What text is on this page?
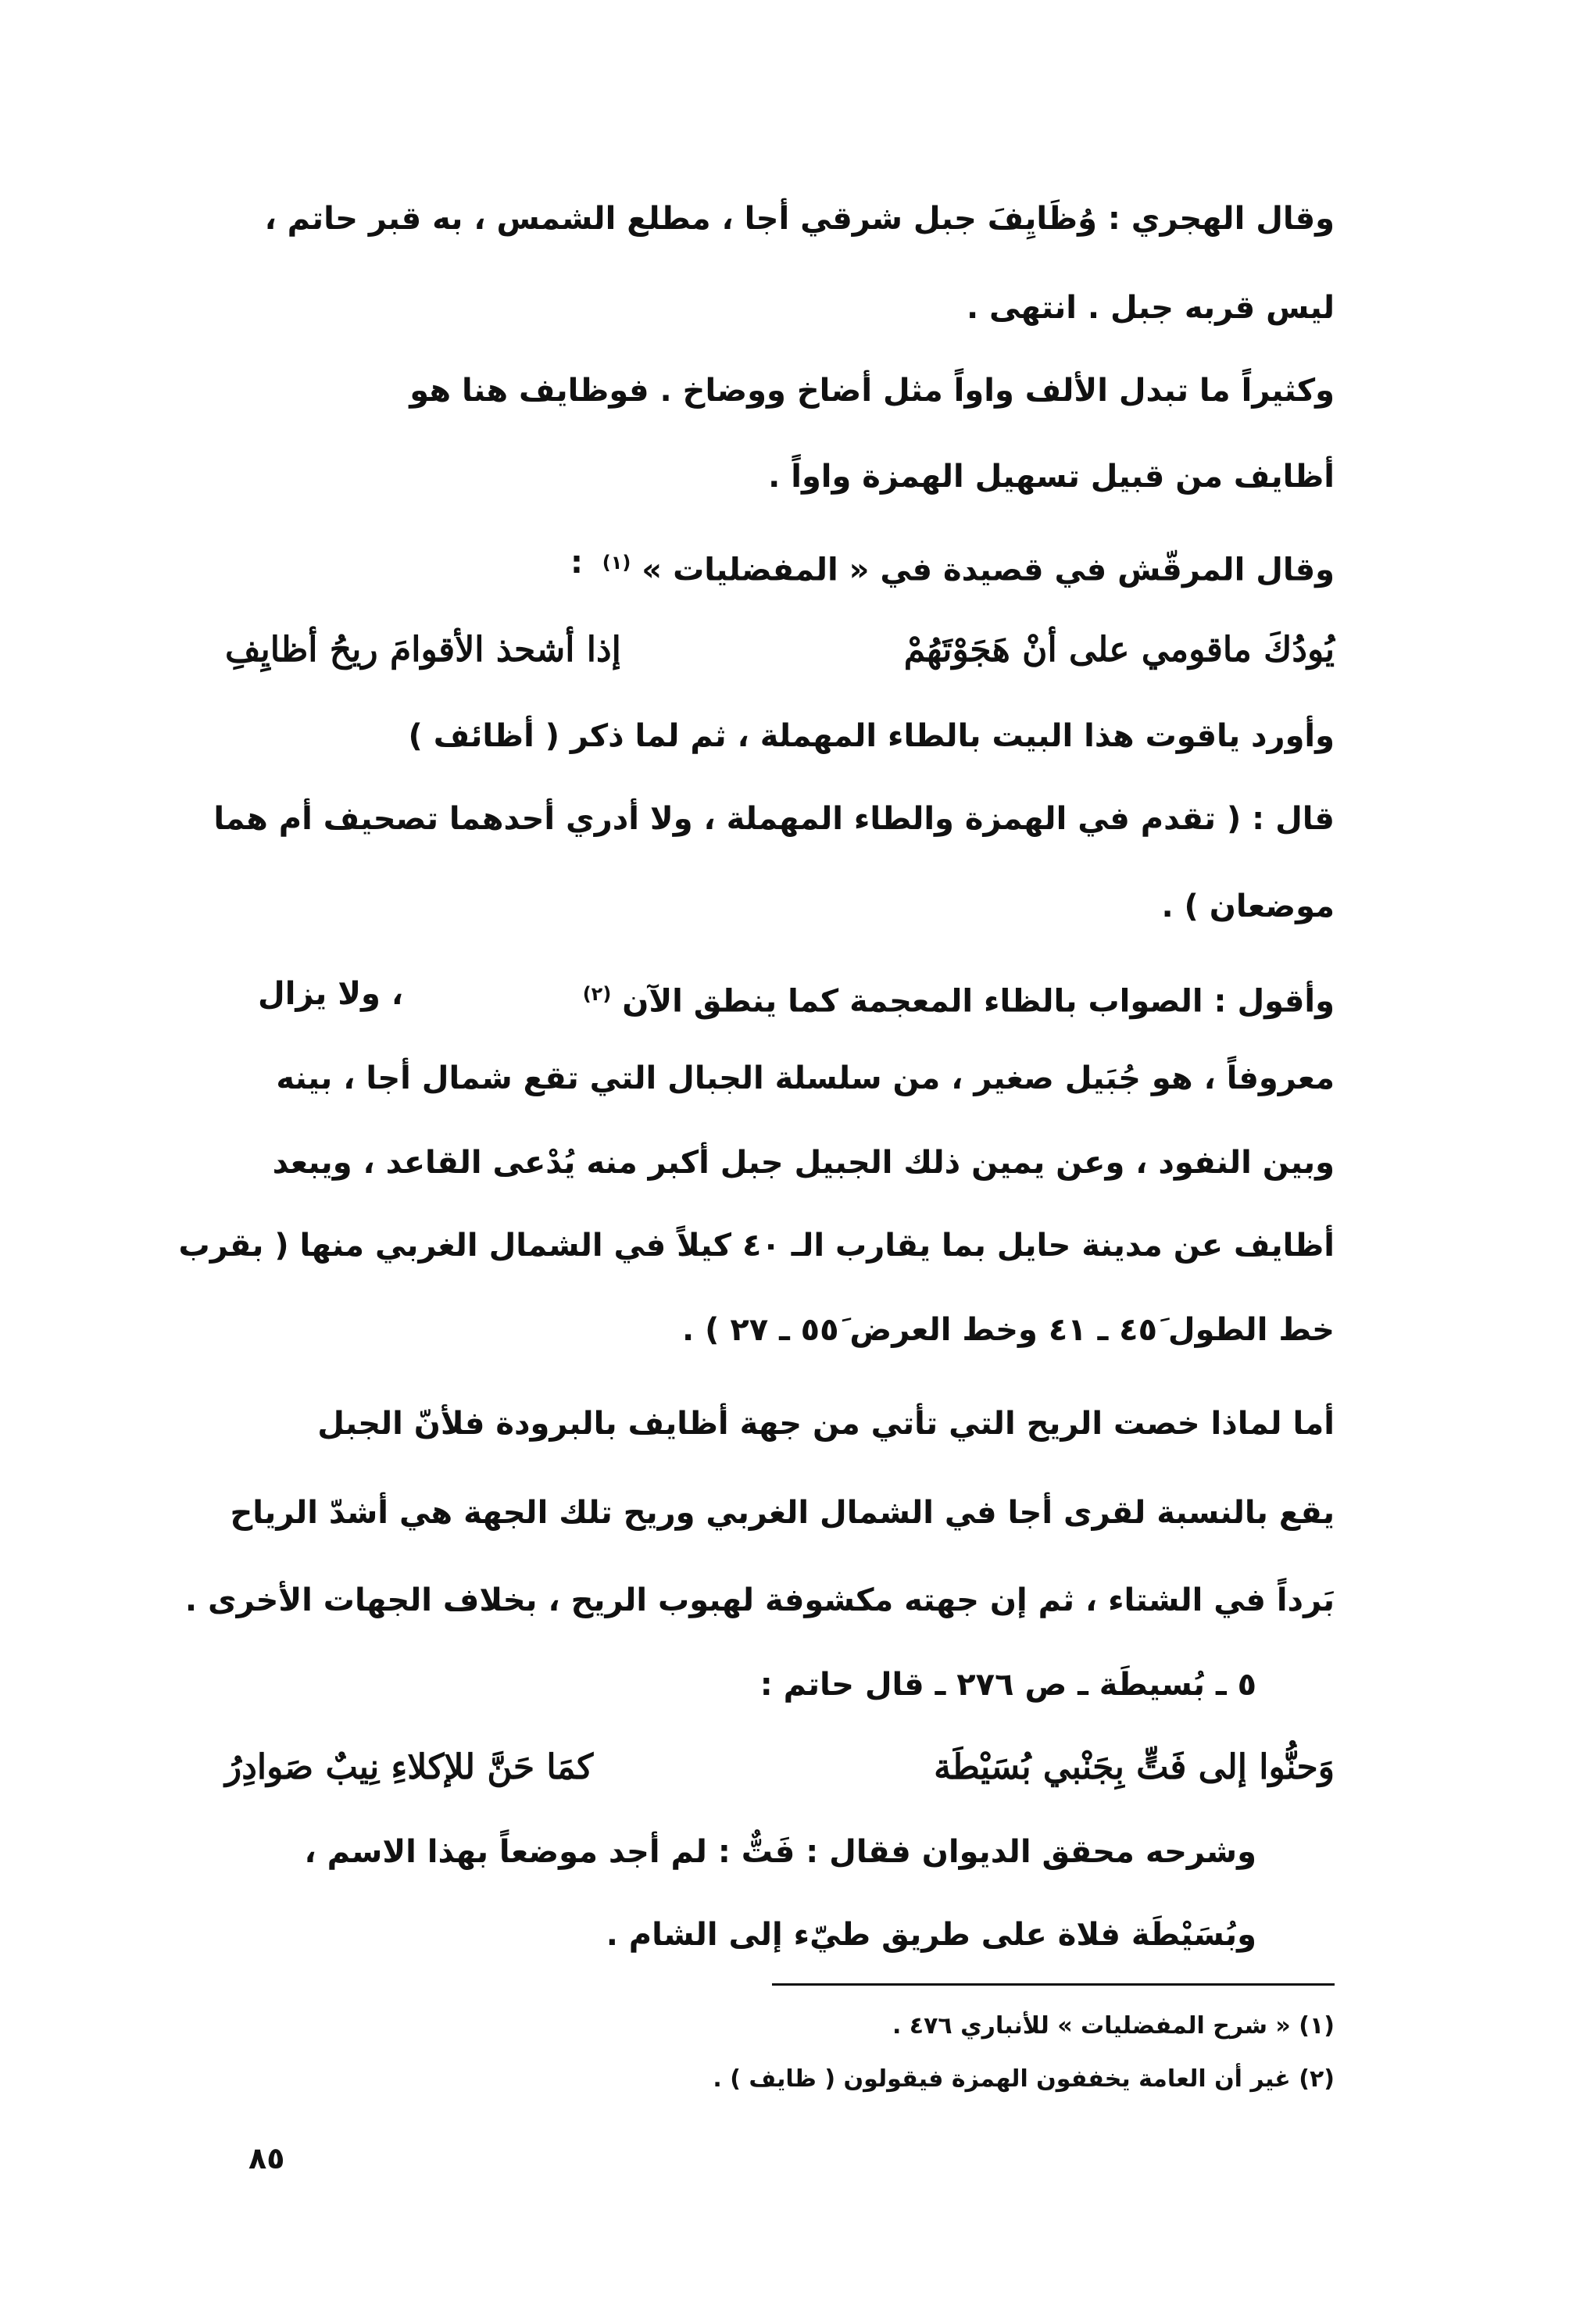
وقال الهجري : وُظَايِفَ جبل شرقي أجا ، مطلع الشمس ، به قبر حاتم ،
ليس قربه جبل . انتهى .
وكثيراً ما تبدل الألف واواً مثل أضاخ ووضاخ . فوظايف هنا هو
أظايف من قبيل تسهيل الهمزة واواً .
وقال المرقّش في قصيدة في « المفضليات » $^{(١)}$
:
يُودُكَ ماقومي على أنْ هَجَوْتَهُمْ
إذا أشحذ الأقوامَ ريحُ أظايِفِ
وأورد ياقوت هذا البيت بالطاء المهملة ، ثم لما ذكر ( أظائف )
قال : ( تقدم في الهمزة والطاء المهملة ، ولا أدري أحدهما تصحيف أم هما
موضعان ) .
وأقول : الصواب بالظاء المعجمة كما ينطق الآن $^{(٢)}$
، ولا يزال
معروفاً ، هو جُبَيل صغير ، من سلسلة الجبال التي تقع شمال أجا ، بينه
وبين النفود ، وعن يمين ذلك الجبيل جبل أكبر منه يُدْعى القاعد ، ويبعد
أظايف عن مدينة حايل بما يقارب الـ ٤٠ كيلاً في الشمال الغربي منها ( بقرب
خط الطول ٤٥َ ـ ٤١ وخط العرض ٥٥َ ـ ٢٧ ) .
أما لماذا خصت الريح التي تأتي من جهة أظايف بالبرودة فلأنّ الجبل
يقع بالنسبة لقرى أجا في الشمال الغربي وريح تلك الجهة هي أشدّ الرياح
بَرداً في الشتاء ، ثم إن جهته مكشوفة لهبوب الريح ، بخلاف الجهات الأخرى .
٥ ـ بُسيطَة ـ ص ٢٧٦ ـ قال حاتم :
وَحنُّوا إلى فَتٍّ بِجَنْبي بُسَيْطَة
كمَا حَنَّ للإكلاءِ نِيبٌ صَوادِرُ
وشرحه محقق الديوان فقال : فَتٌّ : لم أجد موضعاً بهذا الاسم ،
وبُسَيْطَة فلاة على طريق طيّء إلى الشام .
(١) « شرح المفضليات » للأنباري ٤٧٦ .
(٢) غير أن العامة يخففون الهمزة فيقولون ( ظايف ) .
٨٥
